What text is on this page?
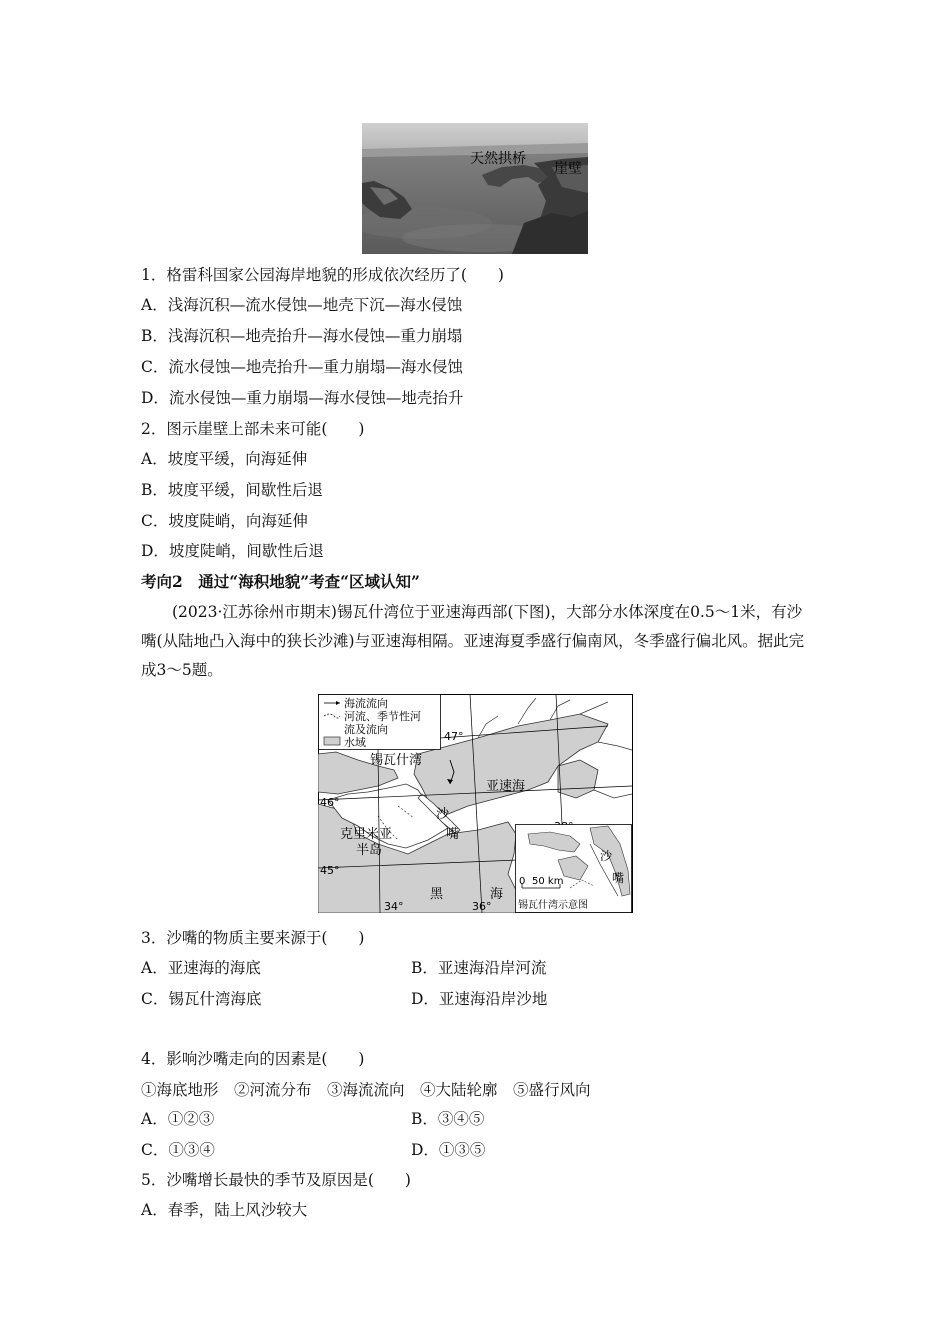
天然拱桥
崖壁
1．格雷科国家公园海岸地貌的形成依次经历了(　　)
A．浅海沉积—流水侵蚀—地壳下沉—海水侵蚀
B．浅海沉积—地壳抬升—海水侵蚀—重力崩塌
C．流水侵蚀—地壳抬升—重力崩塌—海水侵蚀
D．流水侵蚀—重力崩塌—海水侵蚀—地壳抬升
2．图示崖壁上部未来可能(　　)
A．坡度平缓，向海延伸
B．坡度平缓，间歇性后退
C．坡度陡峭，向海延伸
D．坡度陡峭，间歇性后退
考向2　通过“海积地貌”考查“区域认知”
(2023·江苏徐州市期末)锡瓦什湾位于亚速海西部(下图)，大部分水体深度在0.5～1米，有沙嘴(从陆地凸入海中的狭长沙滩)与亚速海相隔。亚速海夏季盛行偏南风，冬季盛行偏北风。据此完成3～5题。
海流流向
河流、季节性河
流及流向
水域
锡瓦什湾
亚速海
沙
嘴
克里米亚
半岛
黑	海
47°
46°
45°
34°	36°
沙
嘴
0 50 km
锡瓦什湾示意图
3．沙嘴的物质主要来源于(　　)
A．亚速海的海底	B．亚速海沿岸河流
C．锡瓦什湾海底	D．亚速海沿岸沙地
4．影响沙嘴走向的因素是(　　)
①海底地形　②河流分布　③海流流向　④大陆轮廓　⑤盛行风向
A．①②③	B．③④⑤
C．①③④	D．①③⑤
5．沙嘴增长最快的季节及原因是(　　)
A．春季，陆上风沙较大
